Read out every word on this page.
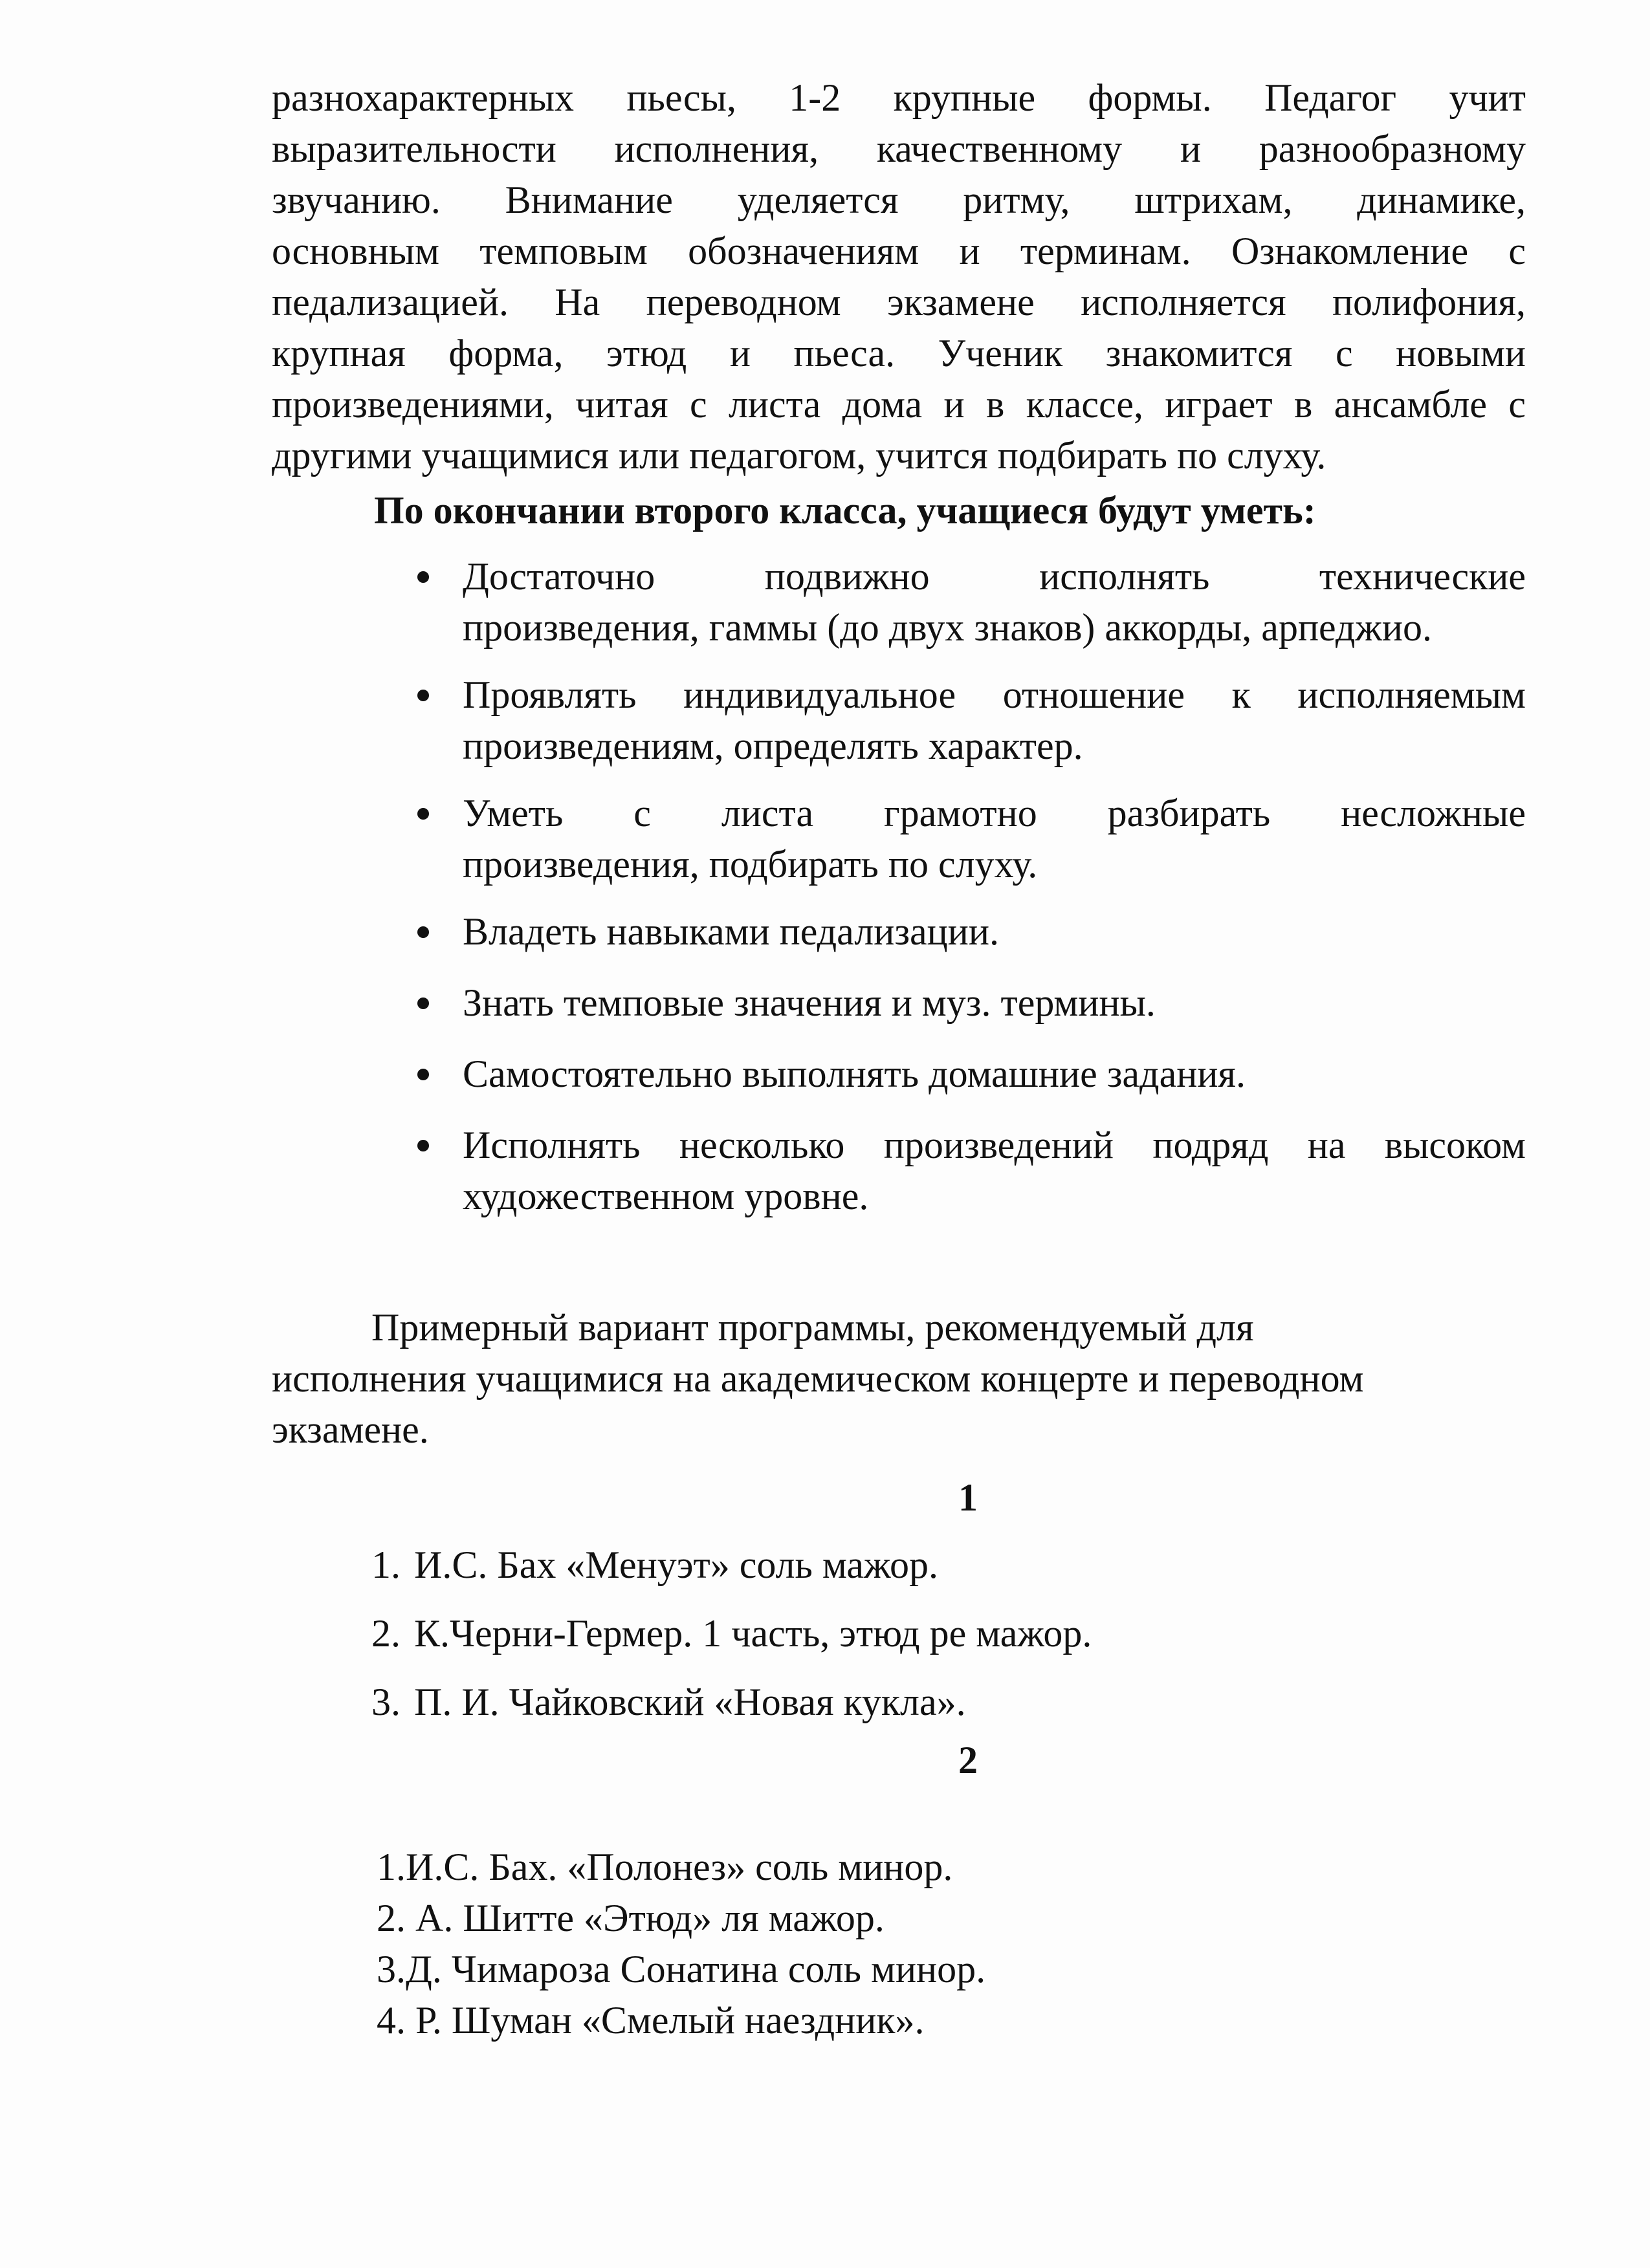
разнохарактерных пьесы, 1-2 крупные формы. Педагог учит
выразительности исполнения, качественному и разнообразному
звучанию. Внимание уделяется ритму, штрихам, динамике,
основным темповым обозначениям и терминам. Ознакомление с
педализацией. На переводном экзамене исполняется полифония,
крупная форма, этюд и пьеса. Ученик знакомится с новыми
произведениями, читая с листа дома и в классе, играет в ансамбле с
другими учащимися или педагогом, учится подбирать по слуху.
По окончании второго класса, учащиеся будут уметь:
Достаточно подвижно исполнять технические
произведения, гаммы (до двух знаков) аккорды, арпеджио.
Проявлять индивидуальное отношение к исполняемым
произведениям, определять характер.
Уметь с листа грамотно разбирать несложные
произведения, подбирать по слуху.
Владеть навыками педализации.
Знать темповые значения и муз. термины.
Самостоятельно выполнять домашние задания.
Исполнять несколько произведений подряд на высоком
художественном уровне.
Примерный вариант программы, рекомендуемый для
исполнения учащимися на академическом концерте и переводном
экзамене.
1
1. И.С. Бах «Менуэт» соль мажор.
2. К.Черни-Гермер. 1 часть, этюд ре мажор.
3. П. И. Чайковский «Новая кукла».
2
1.И.С. Бах. «Полонез» соль минор.
2. А. Шитте «Этюд» ля мажор.
3.Д. Чимароза Сонатина соль минор.
4. Р. Шуман «Смелый наездник».
